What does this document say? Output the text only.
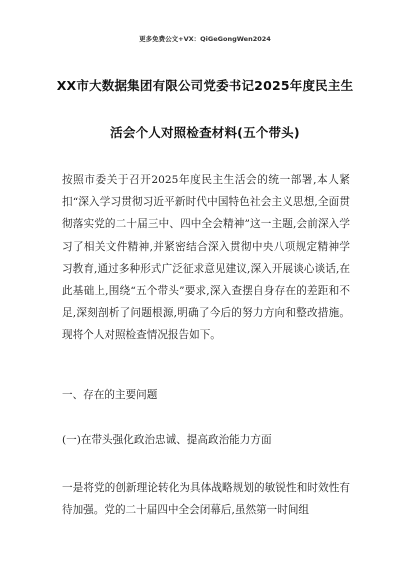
更多免费公文+VX：QiGeGongWen2024
XX市大数据集团有限公司党委书记2025年度民主生
活会个人对照检查材料(五个带头)
按照市委关于召开2025年度民主生活会的统一部署,本人紧扣“深入学习贯彻习近平新时代中国特色社会主义思想,全面贯彻落实党的二十届三中、四中全会精神”这一主题,会前深入学习了相关文件精神,并紧密结合深入贯彻中央八项规定精神学习教育,通过多种形式广泛征求意见建议,深入开展谈心谈话,在此基础上,围绕“五个带头”要求,深入查摆自身存在的差距和不足,深刻剖析了问题根源,明确了今后的努力方向和整改措施。现将个人对照检查情况报告如下。
一、存在的主要问题
(一)在带头强化政治忠诚、提高政治能力方面
一是将党的创新理论转化为具体战略规划的敏锐性和时效性有待加强。党的二十届四中全会闭幕后,虽然第一时间组
